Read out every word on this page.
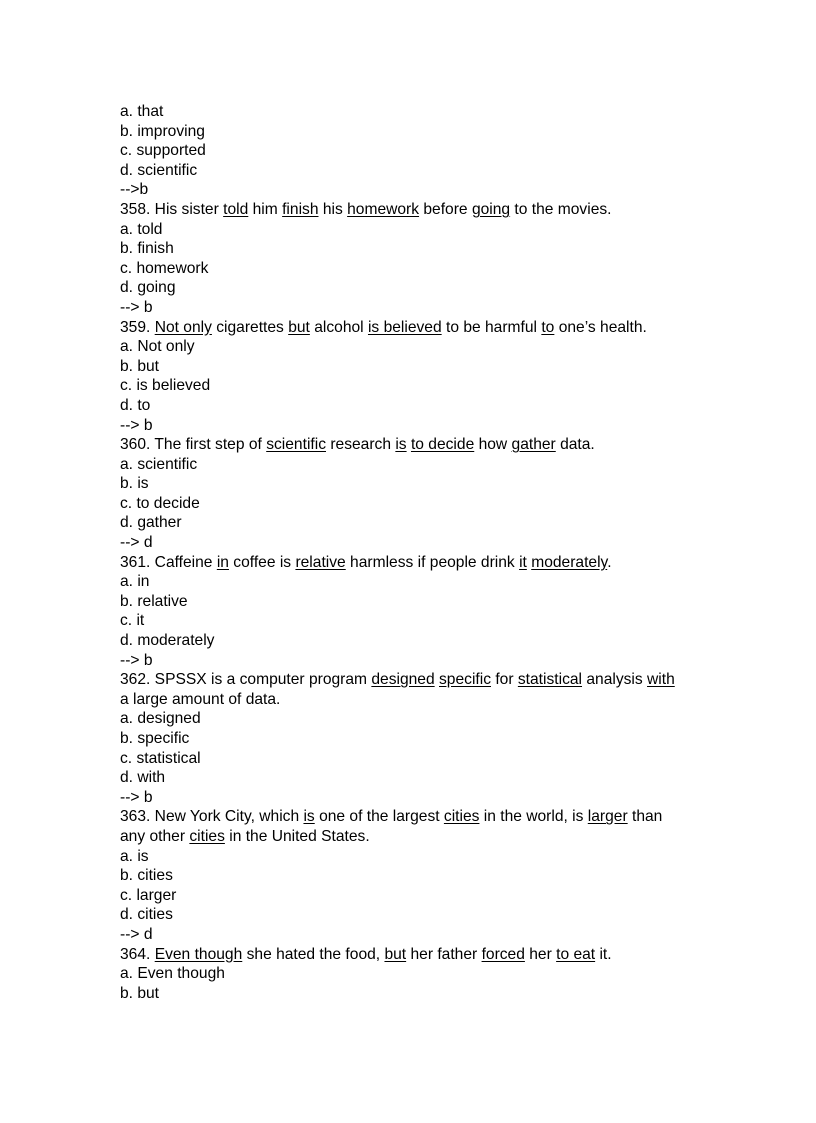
a. that
b. improving
c. supported
d. scientific
-->b
358. His sister told him finish his homework before going to the movies.
a. told
b. finish
c. homework
d. going
--> b
359. Not only cigarettes but alcohol is believed to be harmful to one’s health.
a. Not only
b. but
c. is believed
d. to
--> b
360. The first step of scientific research is to decide how gather data.
a. scientific
b. is
c. to decide
d. gather
--> d
361. Caffeine in coffee is relative harmless if people drink it moderately.
a. in
b. relative
c. it
d. moderately
--> b
362. SPSSX is a computer program designed specific for statistical analysis with
a large amount of data.
a. designed
b. specific
c. statistical
d. with
--> b
363. New York City, which is one of the largest cities in the world, is larger than
any other cities in the United States.
a. is
b. cities
c. larger
d. cities
--> d
364. Even though she hated the food, but her father forced her to eat it.
a. Even though
b. but
